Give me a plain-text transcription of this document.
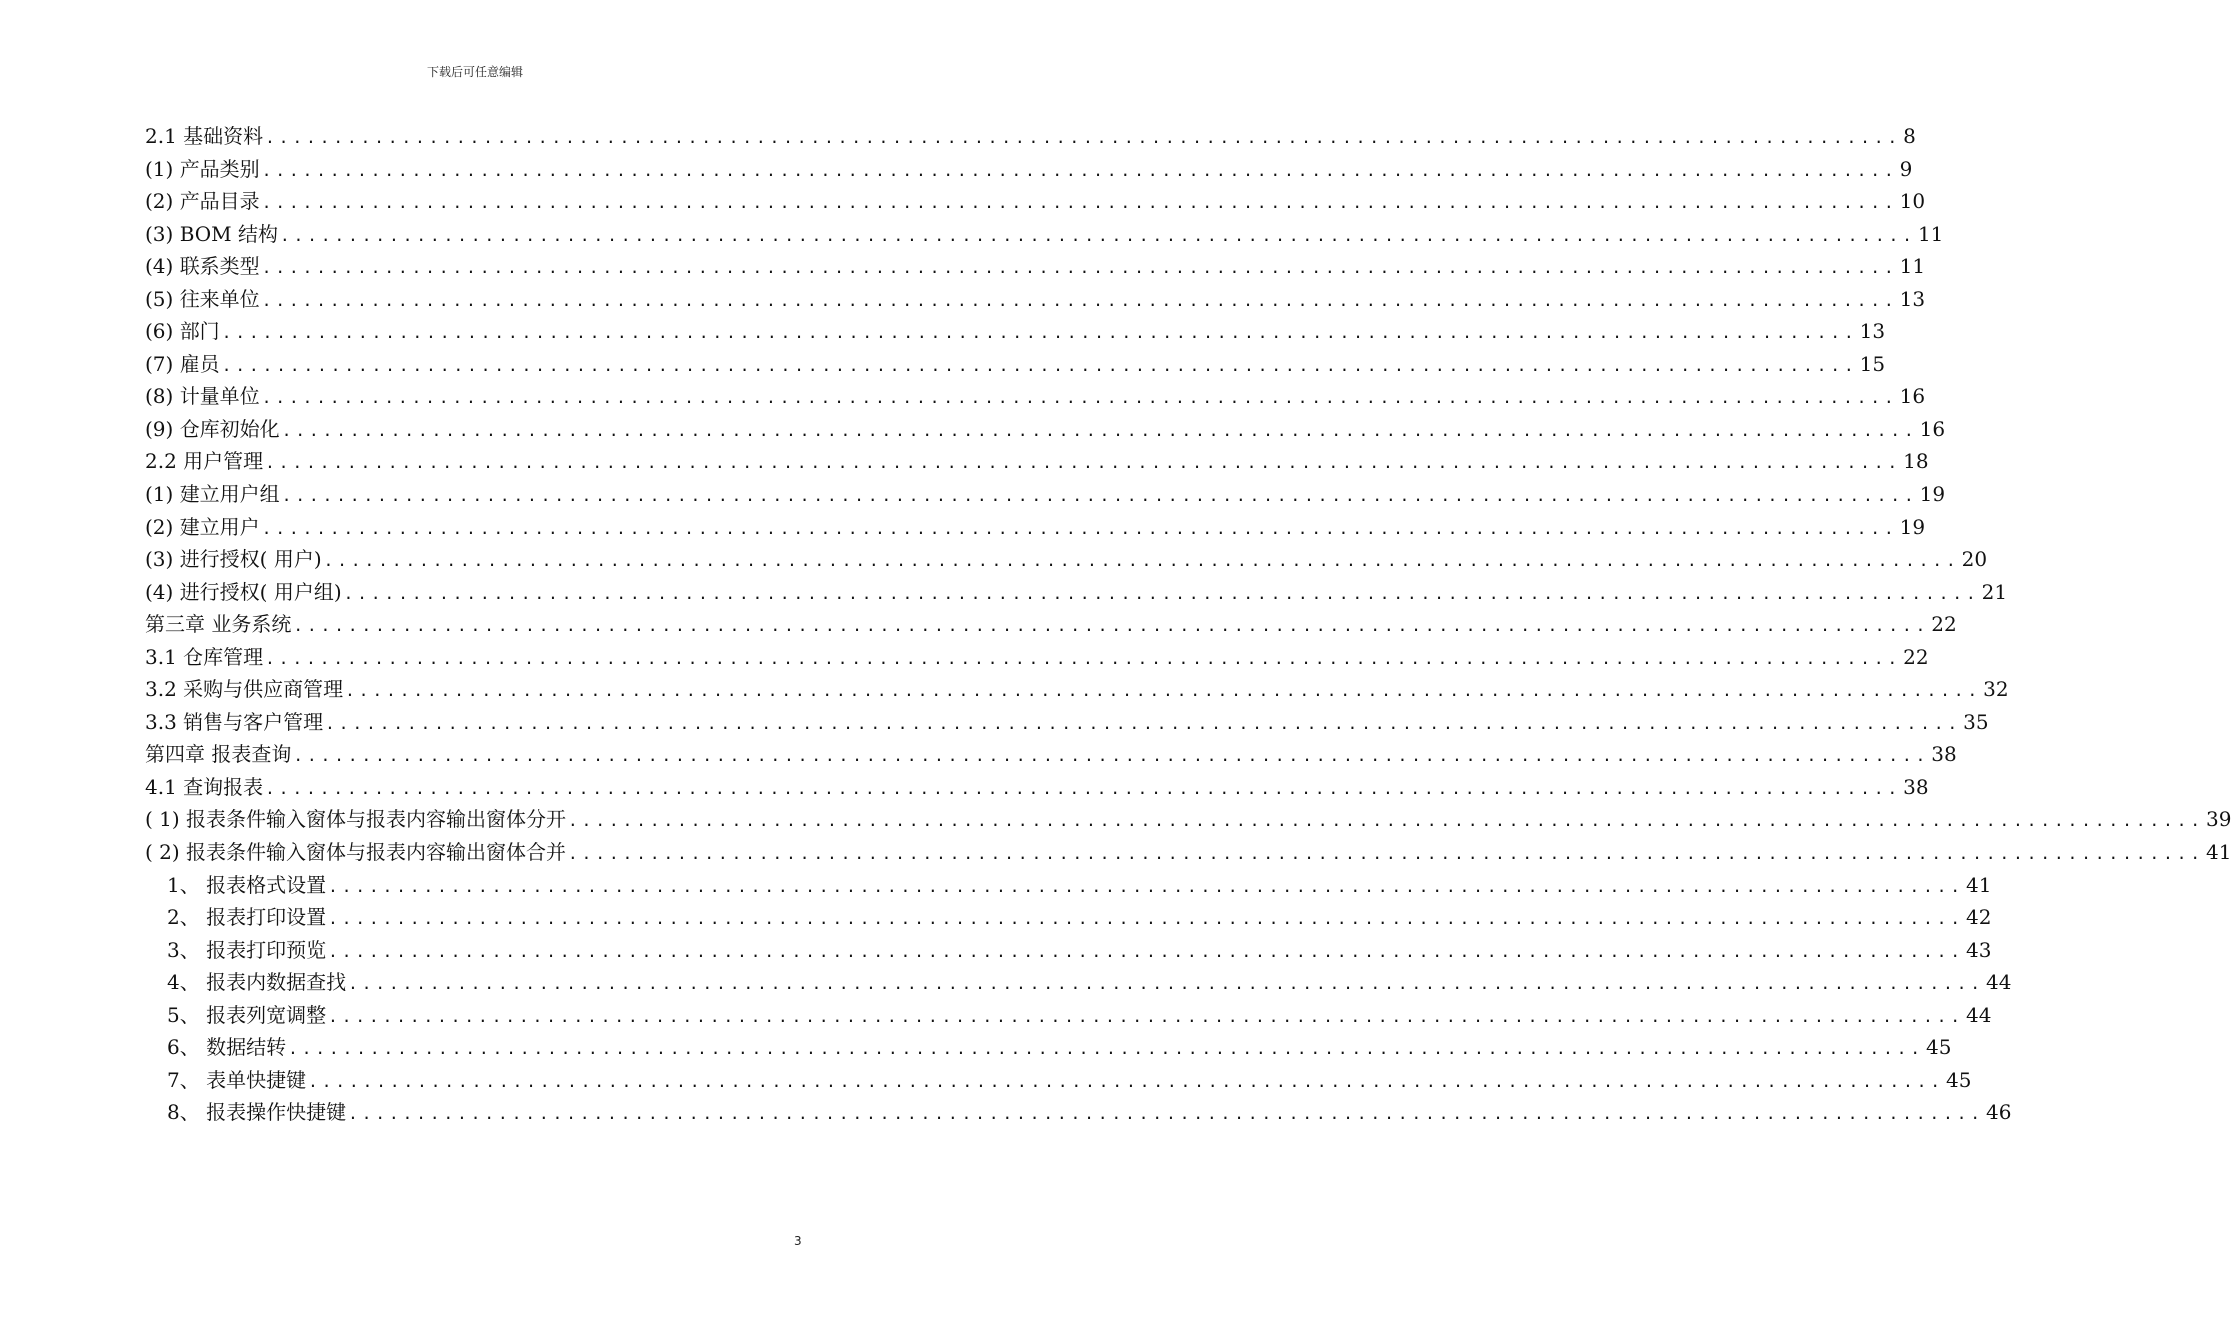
下载后可任意编辑
2.1 基础资料 ........................................................................................................................ 8
(1) 产品类别 ........................................................................................................................ 9
(2) 产品目录 ........................................................................................................................ 10
(3) BOM 结构 ........................................................................................................................ 11
(4) 联系类型 ........................................................................................................................ 11
(5) 往来单位 ........................................................................................................................ 13
(6) 部门 ........................................................................................................................ 13
(7) 雇员 ........................................................................................................................ 15
(8) 计量单位 ........................................................................................................................ 16
(9) 仓库初始化 ........................................................................................................................ 16
2.2 用户管理 ........................................................................................................................ 18
(1) 建立用户组 ........................................................................................................................ 19
(2) 建立用户 ........................................................................................................................ 19
(3) 进行授权( 用户) ........................................................................................................................ 20
(4) 进行授权( 用户组) ........................................................................................................................ 21
第三章 业务系统 ........................................................................................................................ 22
3.1 仓库管理 ........................................................................................................................ 22
3.2 采购与供应商管理 ........................................................................................................................ 32
3.3 销售与客户管理 ........................................................................................................................ 35
第四章 报表查询 ........................................................................................................................ 38
4.1 查询报表 ........................................................................................................................ 38
( 1) 报表条件输入窗体与报表内容输出窗体分开 ........................................................................................................................ 39
( 2) 报表条件输入窗体与报表内容输出窗体合并 ........................................................................................................................ 41
1、 报表格式设置 ........................................................................................................................ 41
2、 报表打印设置 ........................................................................................................................ 42
3、 报表打印预览 ........................................................................................................................ 43
4、 报表内数据查找 ........................................................................................................................ 44
5、 报表列宽调整 ........................................................................................................................ 44
6、 数据结转 ........................................................................................................................ 45
7、 表单快捷键 ........................................................................................................................ 45
8、 报表操作快捷键 ........................................................................................................................ 46
3
